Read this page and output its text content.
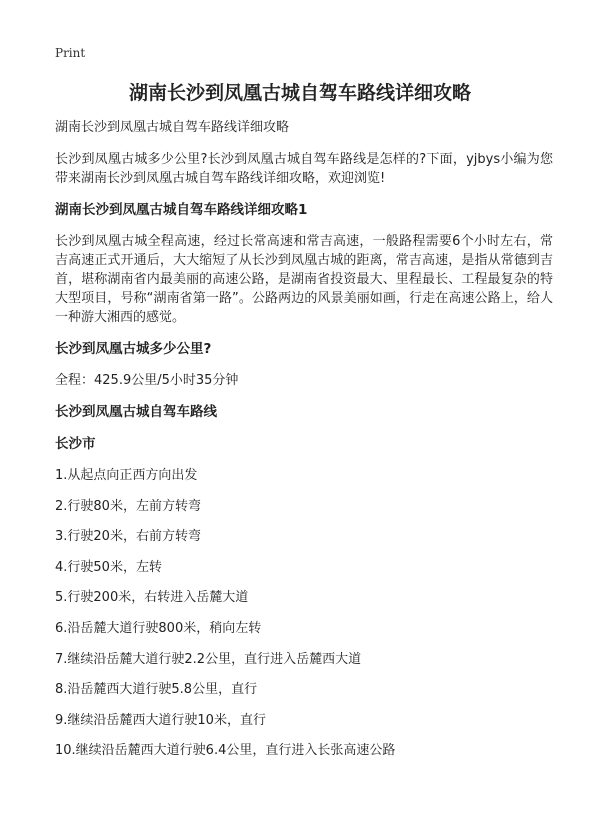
Print
湖南长沙到凤凰古城自驾车路线详细攻略
湖南长沙到凤凰古城自驾车路线详细攻略
长沙到凤凰古城多少公里?长沙到凤凰古城自驾车路线是怎样的?下面，yjbys小编为您带来湖南长沙到凤凰古城自驾车路线详细攻略，欢迎浏览!
湖南长沙到凤凰古城自驾车路线详细攻略1
长沙到凤凰古城全程高速，经过长常高速和常吉高速，一般路程需要6个小时左右，常吉高速正式开通后，大大缩短了从长沙到凤凰古城的距离，常吉高速，是指从常德到吉首，堪称湖南省内最美丽的高速公路，是湖南省投资最大、里程最长、工程最复杂的特大型项目，号称“湖南省第一路”。公路两边的风景美丽如画，行走在高速公路上，给人一种游大湘西的感觉。
长沙到凤凰古城多少公里?
全程：425.9公里/5小时35分钟
长沙到凤凰古城自驾车路线
长沙市
1.从起点向正西方向出发
2.行驶80米，左前方转弯
3.行驶20米，右前方转弯
4.行驶50米，左转
5.行驶200米，右转进入岳麓大道
6.沿岳麓大道行驶800米，稍向左转
7.继续沿岳麓大道行驶2.2公里，直行进入岳麓西大道
8.沿岳麓西大道行驶5.8公里，直行
9.继续沿岳麓西大道行驶10米，直行
10.继续沿岳麓西大道行驶6.4公里，直行进入长张高速公路
